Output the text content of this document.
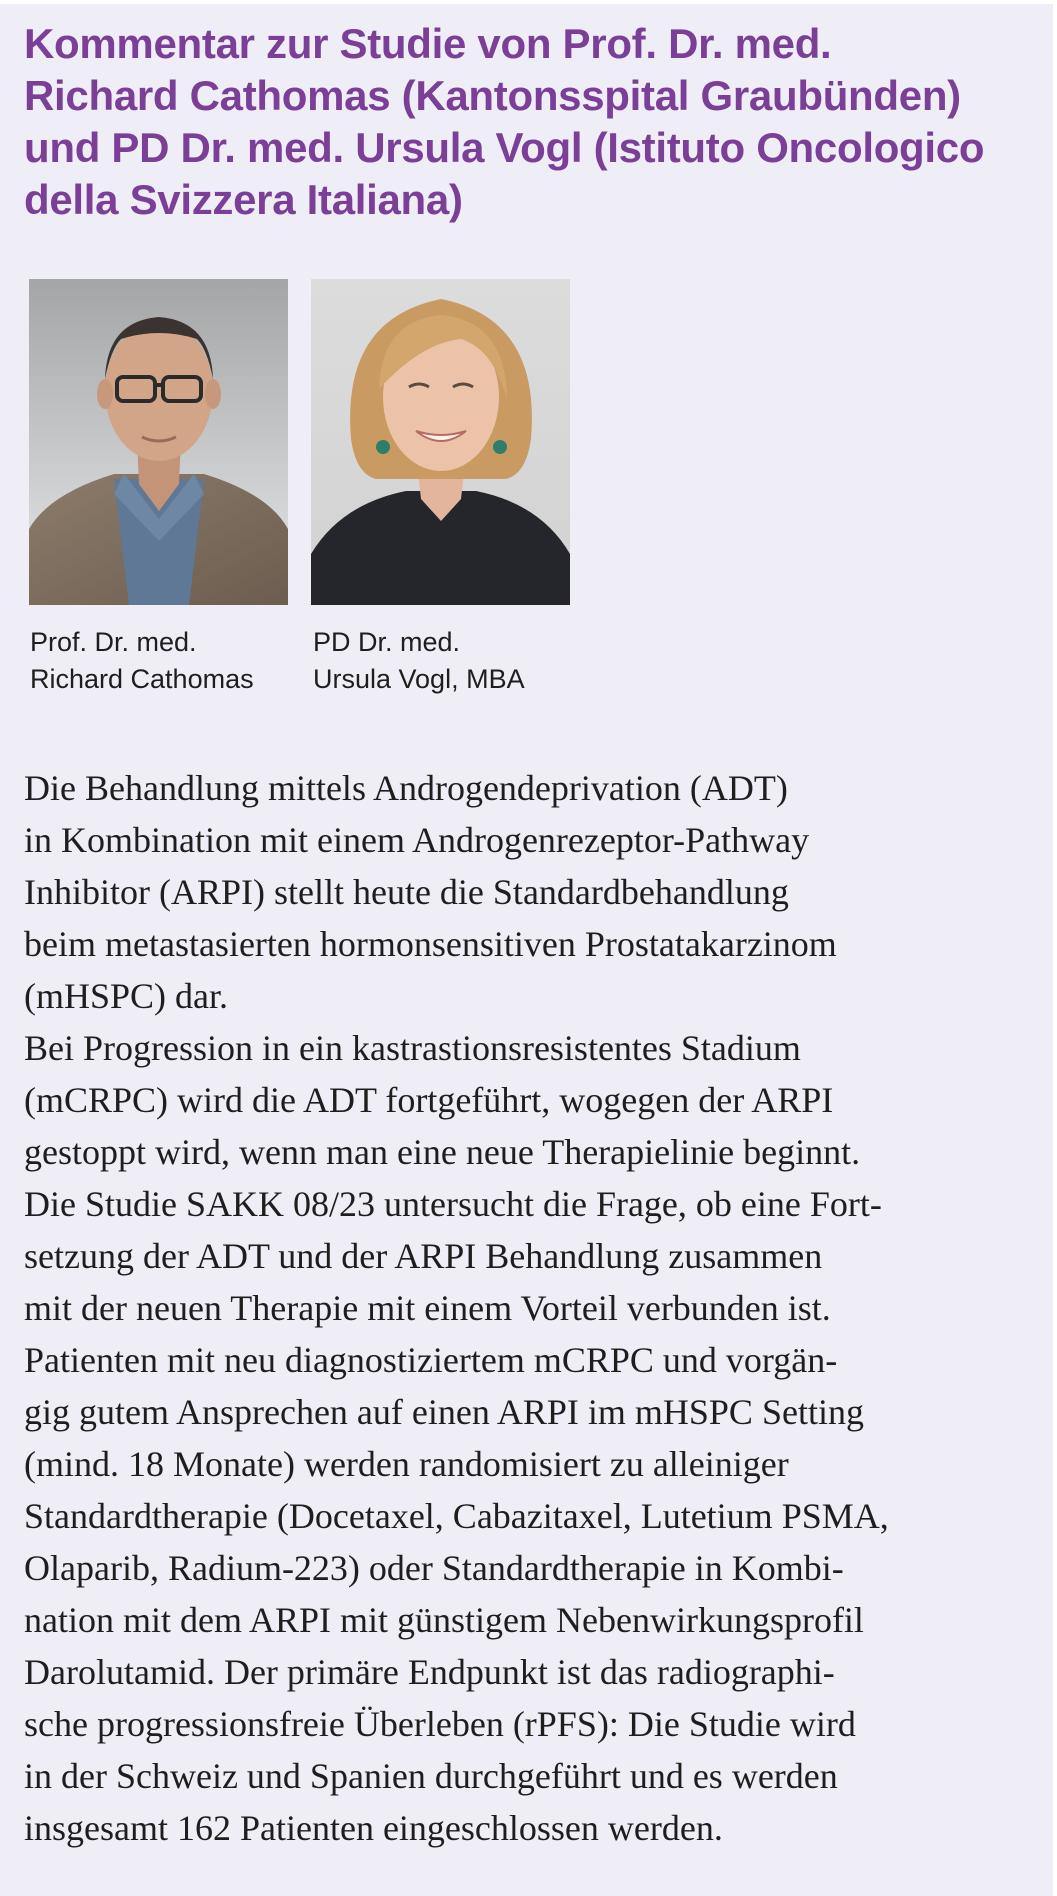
Kommentar zur Studie von Prof. Dr. med.
Richard Cathomas (Kantonsspital Graubünden)
und PD Dr. med. Ursula Vogl (Istituto Oncologico
della Svizzera Italiana)
Prof. Dr. med.
Richard Cathomas
PD Dr. med.
Ursula Vogl, MBA
Die Behandlung mittels Androgendeprivation (ADT)
in Kombination mit einem Androgenrezeptor-Pathway
Inhibitor (ARPI) stellt heute die Standardbehandlung
beim metastasierten hormonsensitiven Prostatakarzinom
(mHSPC) dar.
Bei Progression in ein kastrastionsresistentes Stadium
(mCRPC) wird die ADT fortgeführt, wogegen der ARPI
gestoppt wird, wenn man eine neue Therapielinie beginnt.
Die Studie SAKK 08/23 untersucht die Frage, ob eine Fort-
setzung der ADT und der ARPI Behandlung zusammen
mit der neuen Therapie mit einem Vorteil verbunden ist.
Patienten mit neu diagnostiziertem mCRPC und vorgän-
gig gutem Ansprechen auf einen ARPI im mHSPC Setting
(mind. 18 Monate) werden randomisiert zu alleiniger
Standardtherapie (Docetaxel, Cabazitaxel, Lutetium PSMA,
Olaparib, Radium-223) oder Standardtherapie in Kombi-
nation mit dem ARPI mit günstigem Nebenwirkungsprofil
Darolutamid. Der primäre Endpunkt ist das radiographi-
sche progressionsfreie Überleben (rPFS): Die Studie wird
in der Schweiz und Spanien durchgeführt und es werden
insgesamt 162 Patienten eingeschlossen werden.
